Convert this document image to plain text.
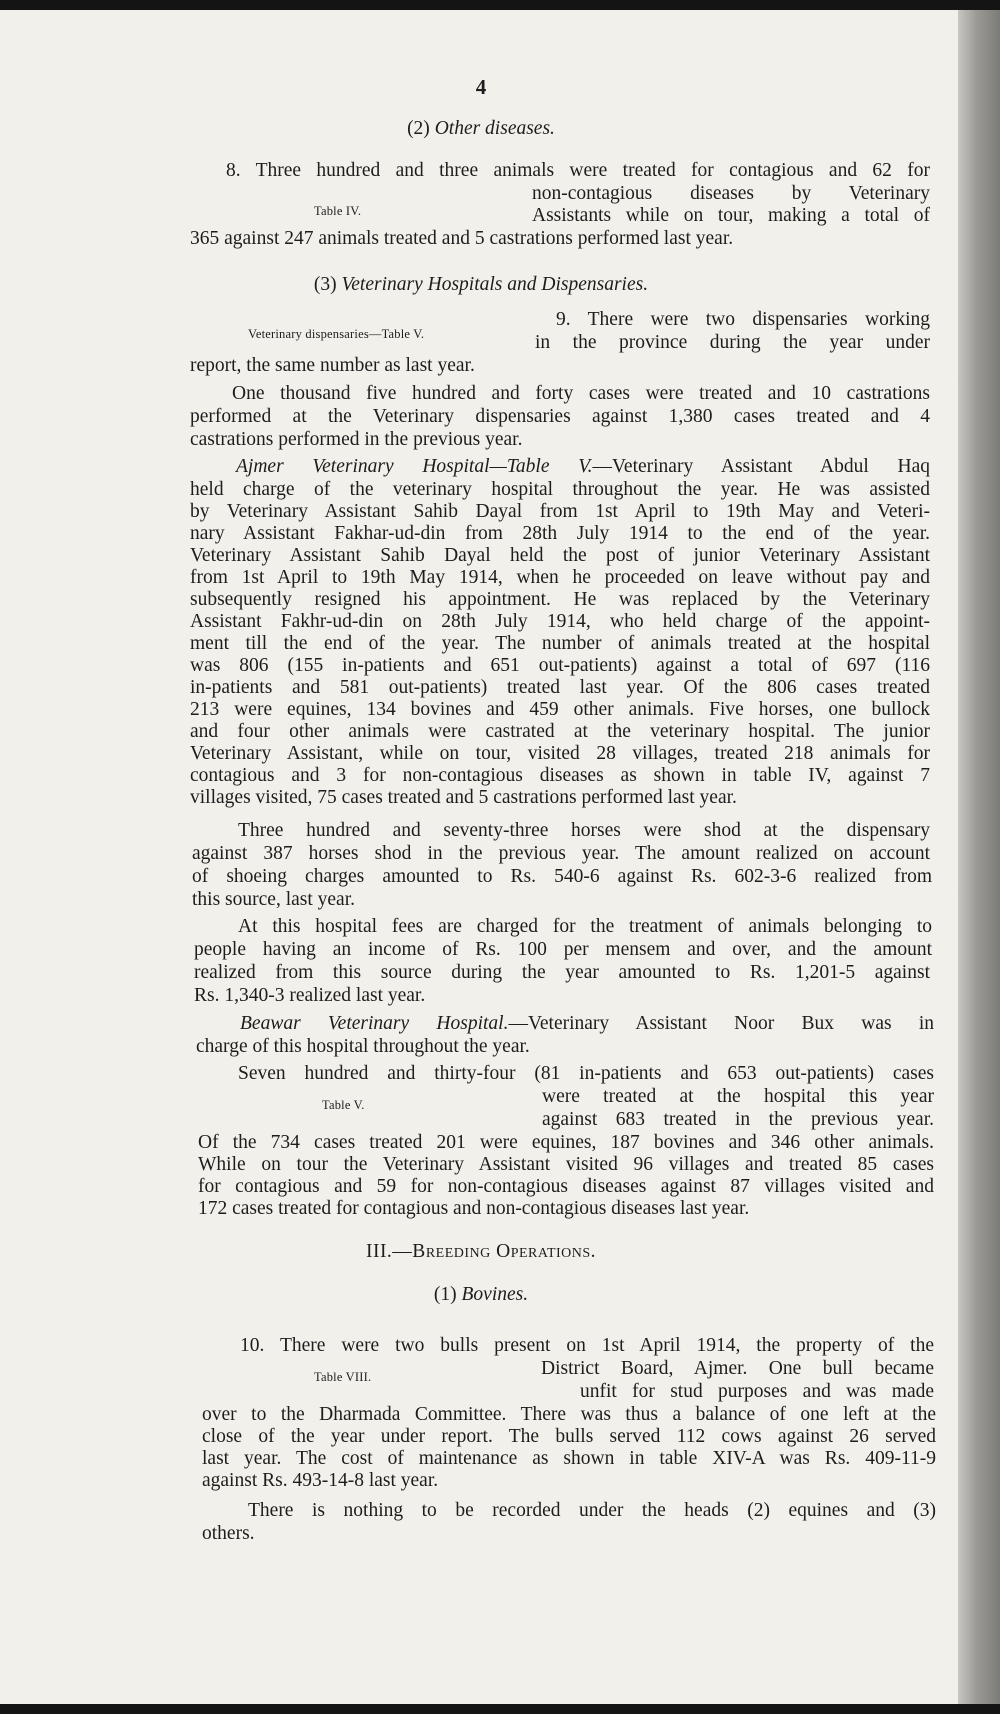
4
(2) Other diseases.
8. Three hundred and three animals were treated for contagious and 62 for
Table IV.
non-contagious diseases by Veterinary
Assistants while on tour, making a total of
365 against 247 animals treated and 5 castrations performed last year.
(3) Veterinary Hospitals and Dispensaries.
Veterinary dispensaries—Table V.
9. There were two dispensaries working
in the province during the year under
report, the same number as last year.
One thousand five hundred and forty cases were treated and 10 castrations
performed at the Veterinary dispensaries against 1,380 cases treated and 4
castrations performed in the previous year.
Ajmer Veterinary Hospital—Table V.—Veterinary Assistant Abdul Haq
held charge of the veterinary hospital throughout the year. He was assisted
by Veterinary Assistant Sahib Dayal from 1st April to 19th May and Veteri-
nary Assistant Fakhar-ud-din from 28th July 1914 to the end of the year.
Veterinary Assistant Sahib Dayal held the post of junior Veterinary Assistant
from 1st April to 19th May 1914, when he proceeded on leave without pay and
subsequently resigned his appointment. He was replaced by the Veterinary
Assistant Fakhr-ud-din on 28th July 1914, who held charge of the appoint-
ment till the end of the year. The number of animals treated at the hospital
was 806 (155 in-patients and 651 out-patients) against a total of 697 (116
in-patients and 581 out-patients) treated last year. Of the 806 cases treated
213 were equines, 134 bovines and 459 other animals. Five horses, one bullock
and four other animals were castrated at the veterinary hospital. The junior
Veterinary Assistant, while on tour, visited 28 villages, treated 218 animals for
contagious and 3 for non-contagious diseases as shown in table IV, against 7
villages visited, 75 cases treated and 5 castrations performed last year.
Three hundred and seventy-three horses were shod at the dispensary
against 387 horses shod in the previous year. The amount realized on account
of shoeing charges amounted to Rs. 540-6 against Rs. 602-3-6 realized from
this source, last year.
At this hospital fees are charged for the treatment of animals belonging to
people having an income of Rs. 100 per mensem and over, and the amount
realized from this source during the year amounted to Rs. 1,201-5 against
Rs. 1,340-3 realized last year.
Beawar Veterinary Hospital.—Veterinary Assistant Noor Bux was in
charge of this hospital throughout the year.
Seven hundred and thirty-four (81 in-patients and 653 out-patients) cases
Table V.	were treated at the hospital this year
against 683 treated in the previous year.
Of the 734 cases treated 201 were equines, 187 bovines and 346 other animals.
While on tour the Veterinary Assistant visited 96 villages and treated 85 cases
for contagious and 59 for non-contagious diseases against 87 villages visited and
172 cases treated for contagious and non-contagious diseases last year.
III.—Breeding Operations.
(1) Bovines.
10. There were two bulls present on 1st April 1914, the property of the
Table VIII.	District Board, Ajmer. One bull became
unfit for stud purposes and was made
over to the Dharmada Committee. There was thus a balance of one left at the
close of the year under report. The bulls served 112 cows against 26 served
last year. The cost of maintenance as shown in table XIV-A was Rs. 409-11-9
against Rs. 493-14-8 last year.
There is nothing to be recorded under the heads (2) equines and (3)
others.
